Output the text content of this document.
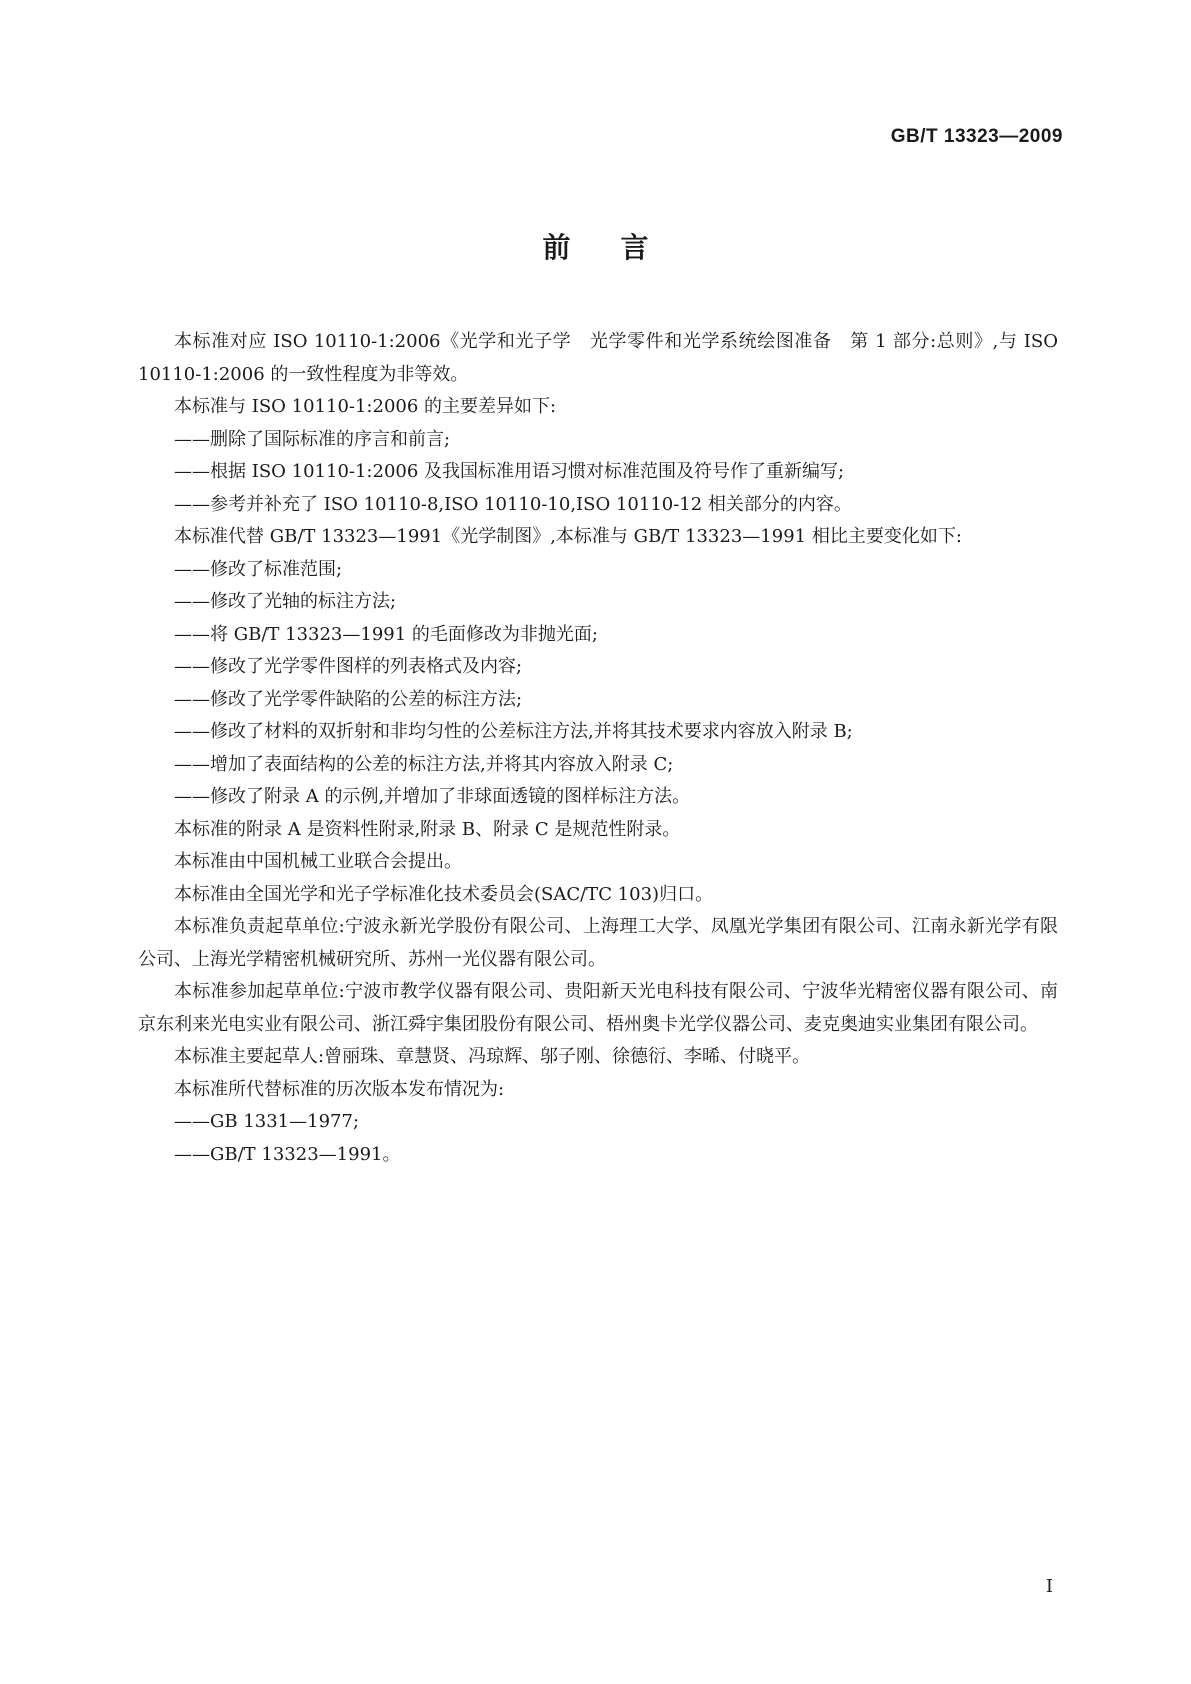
GB/T 13323—2009

前言

本标准对应 ISO 10110-1:2006《光学和光子学　光学零件和光学系统绘图准备　第 1 部分:总则》,与 ISO 10110-1:2006 的一致性程度为非等效。

本标准与 ISO 10110-1:2006 的主要差异如下:

——删除了国际标准的序言和前言;

——根据 ISO 10110-1:2006 及我国标准用语习惯对标准范围及符号作了重新编写;

——参考并补充了 ISO 10110-8,ISO 10110-10,ISO 10110-12 相关部分的内容。

本标准代替 GB/T 13323—1991《光学制图》,本标准与 GB/T 13323—1991 相比主要变化如下:

——修改了标准范围;

——修改了光轴的标注方法;

——将 GB/T 13323—1991 的毛面修改为非抛光面;

——修改了光学零件图样的列表格式及内容;

——修改了光学零件缺陷的公差的标注方法;

——修改了材料的双折射和非均匀性的公差标注方法,并将其技术要求内容放入附录 B;

——增加了表面结构的公差的标注方法,并将其内容放入附录 C;

——修改了附录 A 的示例,并增加了非球面透镜的图样标注方法。

本标准的附录 A 是资料性附录,附录 B、附录 C 是规范性附录。

本标准由中国机械工业联合会提出。

本标准由全国光学和光子学标准化技术委员会(SAC/TC 103)归口。

本标准负责起草单位:宁波永新光学股份有限公司、上海理工大学、凤凰光学集团有限公司、江南永新光学有限公司、上海光学精密机械研究所、苏州一光仪器有限公司。

本标准参加起草单位:宁波市教学仪器有限公司、贵阳新天光电科技有限公司、宁波华光精密仪器有限公司、南京东利来光电实业有限公司、浙江舜宇集团股份有限公司、梧州奥卡光学仪器公司、麦克奥迪实业集团有限公司。

本标准主要起草人:曾丽珠、章慧贤、冯琼辉、邬子刚、徐德衍、李晞、付晓平。

本标准所代替标准的历次版本发布情况为:

——GB 1331—1977;

——GB/T 13323—1991。

I
